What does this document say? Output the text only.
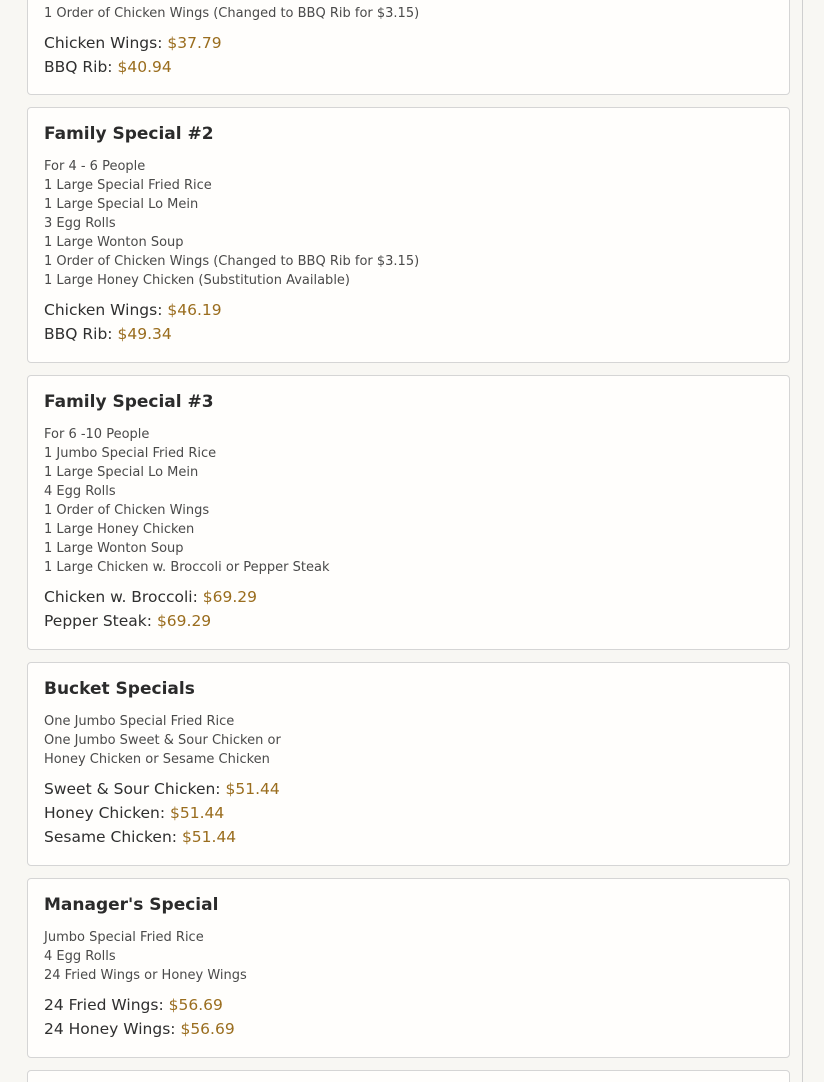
1 Order of Chicken Wings (Changed to BBQ Rib for $3.15)
Chicken Wings: $37.79
BBQ Rib: $40.94
Family Special #2
For 4 - 6 People
1 Large Special Fried Rice
1 Large Special Lo Mein
3 Egg Rolls
1 Large Wonton Soup
1 Order of Chicken Wings (Changed to BBQ Rib for $3.15)
1 Large Honey Chicken (Substitution Available)
Chicken Wings: $46.19
BBQ Rib: $49.34
Family Special #3
For 6 -10 People
1 Jumbo Special Fried Rice
1 Large Special Lo Mein
4 Egg Rolls
1 Order of Chicken Wings
1 Large Honey Chicken
1 Large Wonton Soup
1 Large Chicken w. Broccoli or Pepper Steak
Chicken w. Broccoli: $69.29
Pepper Steak: $69.29
Bucket Specials
One Jumbo Special Fried Rice
One Jumbo Sweet & Sour Chicken or
Honey Chicken or Sesame Chicken
Sweet & Sour Chicken: $51.44
Honey Chicken: $51.44
Sesame Chicken: $51.44
Manager's Special
Jumbo Special Fried Rice
4 Egg Rolls
24 Fried Wings or Honey Wings
24 Fried Wings: $56.69
24 Honey Wings: $56.69
